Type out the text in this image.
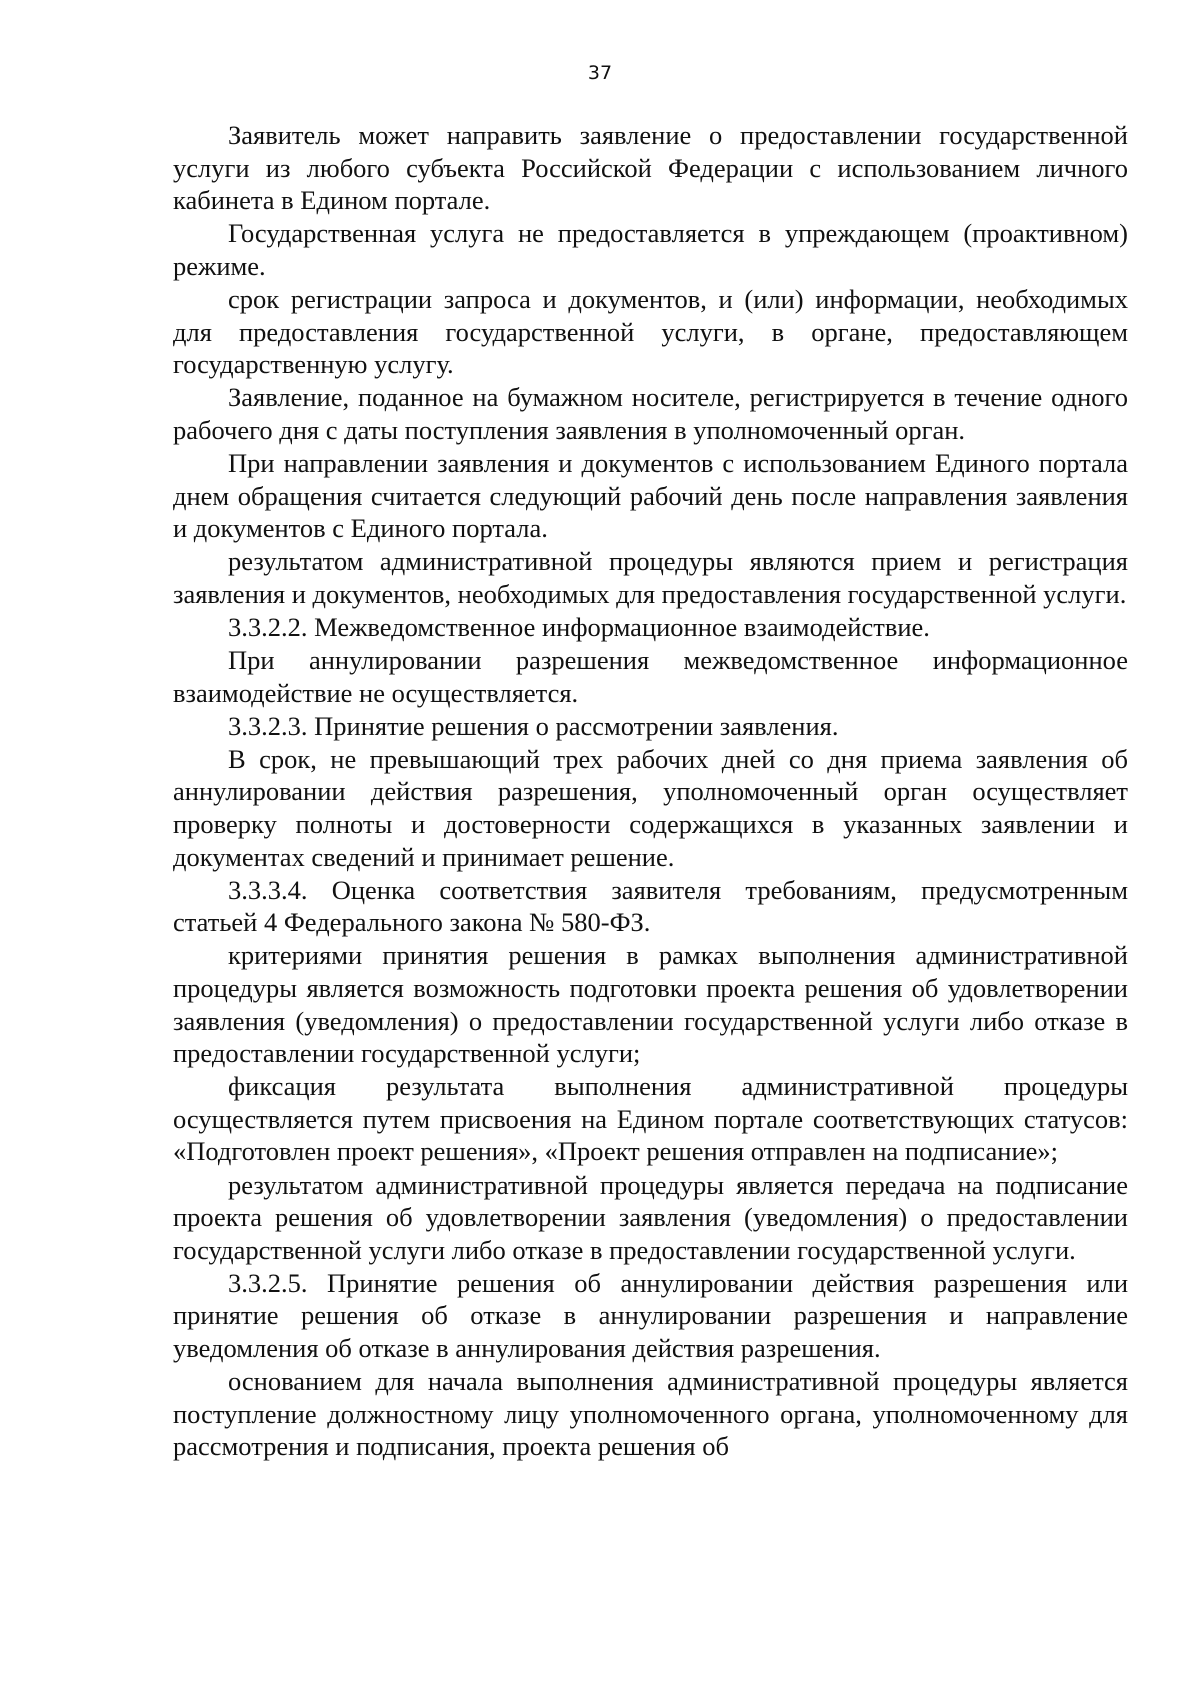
37

Заявитель может направить заявление о предоставлении государственной услуги из любого субъекта Российской Федерации с использованием личного кабинета в Едином портале.

Государственная услуга не предоставляется в упреждающем (проактивном) режиме.

срок регистрации запроса и документов, и (или) информации, необходимых для предоставления государственной услуги, в органе, предоставляющем государственную услугу.

Заявление, поданное на бумажном носителе, регистрируется в течение одного рабочего дня с даты поступления заявления в уполномоченный орган.

При направлении заявления и документов с использованием Единого портала днем обращения считается следующий рабочий день после направления заявления и документов с Единого портала.

результатом административной процедуры являются прием и регистрация заявления и документов, необходимых для предоставления государственной услуги.

3.3.2.2. Межведомственное информационное взаимодействие.

При аннулировании разрешения межведомственное информационное взаимодействие не осуществляется.

3.3.2.3. Принятие решения о рассмотрении заявления.

В срок, не превышающий трех рабочих дней со дня приема заявления об аннулировании действия разрешения, уполномоченный орган осуществляет проверку полноты и достоверности содержащихся в указанных заявлении и документах сведений и принимает решение.

3.3.3.4. Оценка соответствия заявителя требованиям, предусмотренным статьей 4 Федерального закона № 580-ФЗ.

критериями принятия решения в рамках выполнения административной процедуры является возможность подготовки проекта решения об удовлетворении заявления (уведомления) о предоставлении государственной услуги либо отказе в предоставлении государственной услуги;

фиксация результата выполнения административной процедуры осуществляется путем присвоения на Едином портале соответствующих статусов: «Подготовлен проект решения», «Проект решения отправлен на подписание»;

результатом административной процедуры является передача на подписание проекта решения об удовлетворении заявления (уведомления) о предоставлении государственной услуги либо отказе в предоставлении государственной услуги.

3.3.2.5. Принятие решения об аннулировании действия разрешения или принятие решения об отказе в аннулировании разрешения и направление уведомления об отказе в аннулирования действия разрешения.

основанием для начала выполнения административной процедуры является поступление должностному лицу уполномоченного органа, уполномоченному для рассмотрения и подписания, проекта решения об
